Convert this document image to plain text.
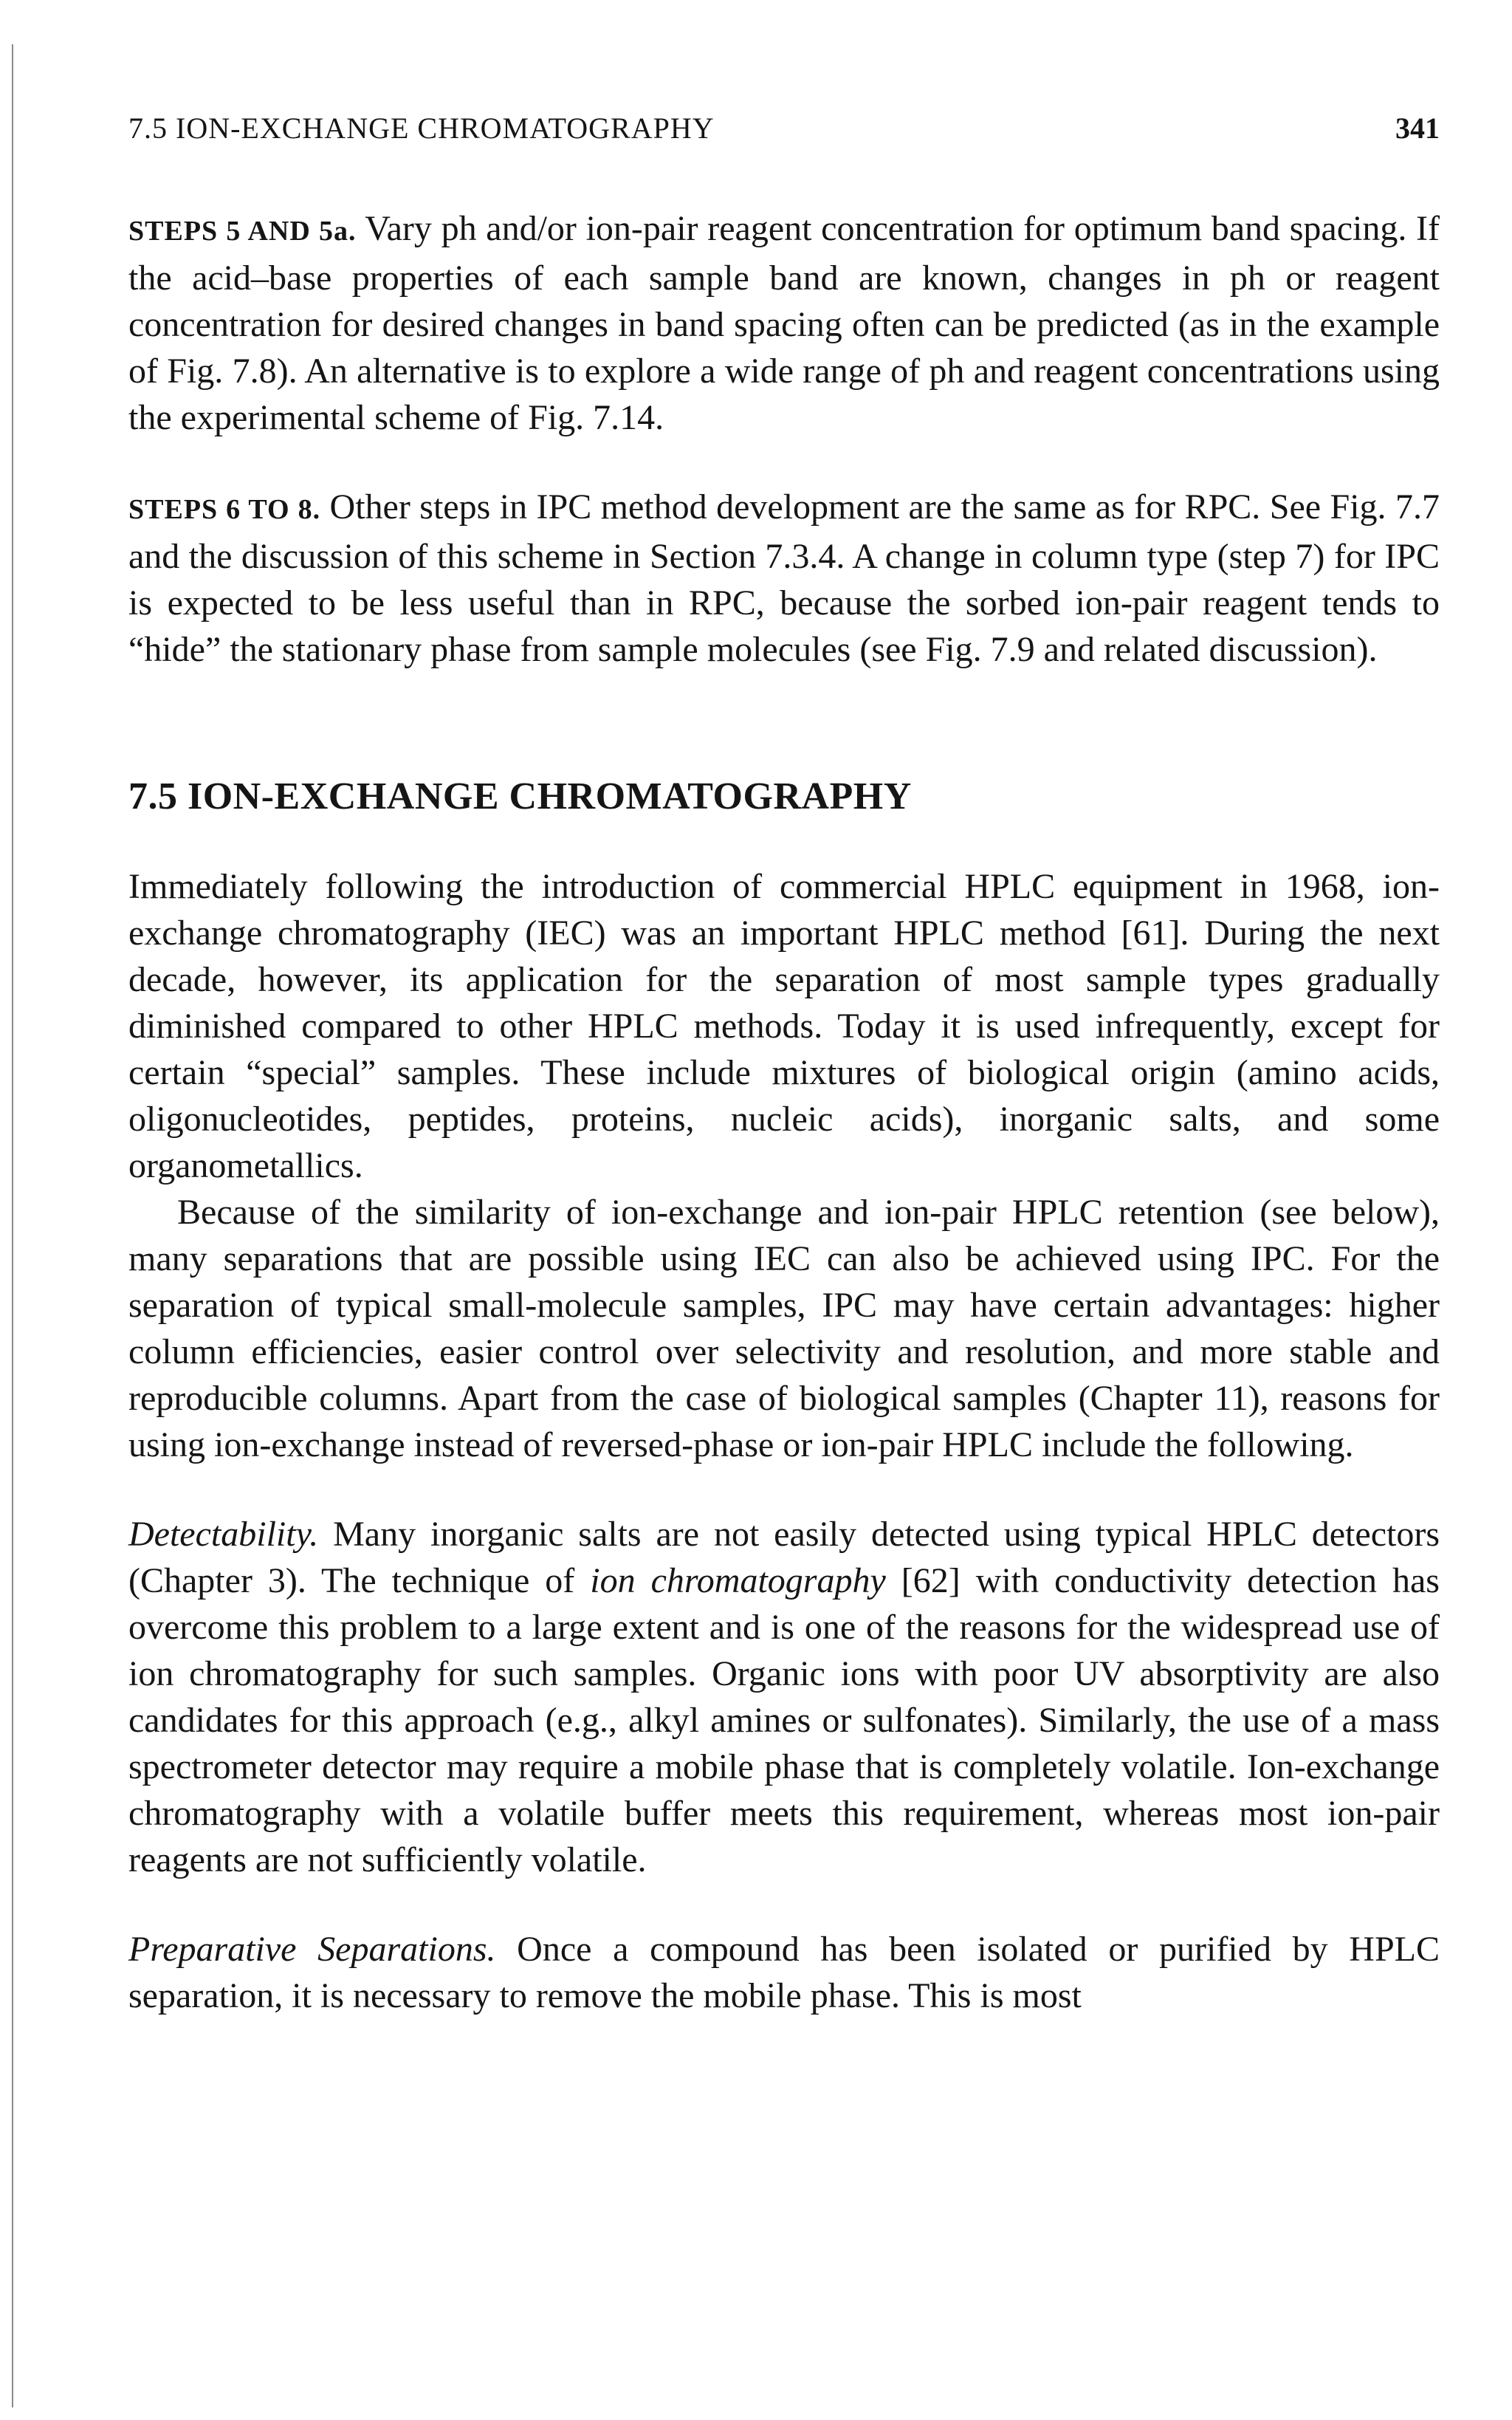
7.5 ION-EXCHANGE CHROMATOGRAPHY	341

STEPS 5 AND 5a. Vary ph and/or ion-pair reagent concentration for optimum band spacing. If the acid–base properties of each sample band are known, changes in ph or reagent concentration for desired changes in band spacing often can be predicted (as in the example of Fig. 7.8). An alternative is to explore a wide range of ph and reagent concentrations using the experimental scheme of Fig. 7.14.

STEPS 6 TO 8. Other steps in IPC method development are the same as for RPC. See Fig. 7.7 and the discussion of this scheme in Section 7.3.4. A change in column type (step 7) for IPC is expected to be less useful than in RPC, because the sorbed ion-pair reagent tends to “hide” the stationary phase from sample molecules (see Fig. 7.9 and related discussion).

7.5 ION-EXCHANGE CHROMATOGRAPHY

Immediately following the introduction of commercial HPLC equipment in 1968, ion-exchange chromatography (IEC) was an important HPLC method [61]. During the next decade, however, its application for the separation of most sample types gradually diminished compared to other HPLC methods. Today it is used infrequently, except for certain “special” samples. These include mixtures of biological origin (amino acids, oligonucleotides, peptides, proteins, nucleic acids), inorganic salts, and some organometallics.

Because of the similarity of ion-exchange and ion-pair HPLC retention (see below), many separations that are possible using IEC can also be achieved using IPC. For the separation of typical small-molecule samples, IPC may have certain advantages: higher column efficiencies, easier control over selectivity and resolution, and more stable and reproducible columns. Apart from the case of biological samples (Chapter 11), reasons for using ion-exchange instead of reversed-phase or ion-pair HPLC include the following.

Detectability. Many inorganic salts are not easily detected using typical HPLC detectors (Chapter 3). The technique of ion chromatography [62] with conductivity detection has overcome this problem to a large extent and is one of the reasons for the widespread use of ion chromatography for such samples. Organic ions with poor UV absorptivity are also candidates for this approach (e.g., alkyl amines or sulfonates). Similarly, the use of a mass spectrometer detector may require a mobile phase that is completely volatile. Ion-exchange chromatography with a volatile buffer meets this requirement, whereas most ion-pair reagents are not sufficiently volatile.

Preparative Separations. Once a compound has been isolated or purified by HPLC separation, it is necessary to remove the mobile phase. This is most
